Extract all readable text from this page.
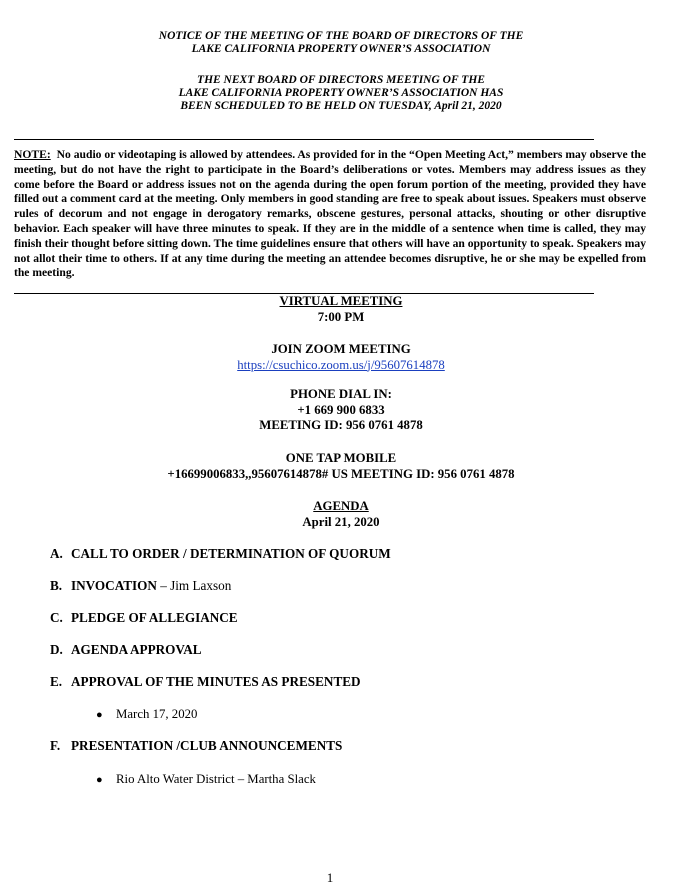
NOTICE OF THE MEETING OF THE BOARD OF DIRECTORS OF THE
LAKE CALIFORNIA PROPERTY OWNER’S ASSOCIATION
THE NEXT BOARD OF DIRECTORS MEETING OF THE
LAKE CALIFORNIA PROPERTY OWNER’S ASSOCIATION HAS
BEEN SCHEDULED TO BE HELD ON TUESDAY, April 21, 2020
NOTE: No audio or videotaping is allowed by attendees. As provided for in the “Open Meeting Act,” members may observe the meeting, but do not have the right to participate in the Board’s deliberations or votes. Members may address issues as they come before the Board or address issues not on the agenda during the open forum portion of the meeting, provided they have filled out a comment card at the meeting. Only members in good standing are free to speak about issues. Speakers must observe rules of decorum and not engage in derogatory remarks, obscene gestures, personal attacks, shouting or other disruptive behavior. Each speaker will have three minutes to speak. If they are in the middle of a sentence when time is called, they may finish their thought before sitting down. The time guidelines ensure that others will have an opportunity to speak. Speakers may not allot their time to others. If at any time during the meeting an attendee becomes disruptive, he or she may be expelled from the meeting.
VIRTUAL MEETING
7:00 PM
JOIN ZOOM MEETING
https://csuchico.zoom.us/j/95607614878
PHONE DIAL IN:
+1 669 900 6833
MEETING ID: 956 0761 4878
ONE TAP MOBILE
+16699006833,,95607614878# US MEETING ID: 956 0761 4878
AGENDA
April 21, 2020
A. CALL TO ORDER / DETERMINATION OF QUORUM
B. INVOCATION – Jim Laxson
C. PLEDGE OF ALLEGIANCE
D. AGENDA APPROVAL
E. APPROVAL OF THE MINUTES AS PRESENTED
● March 17, 2020
F. PRESENTATION /CLUB ANNOUNCEMENTS
● Rio Alto Water District – Martha Slack
1
